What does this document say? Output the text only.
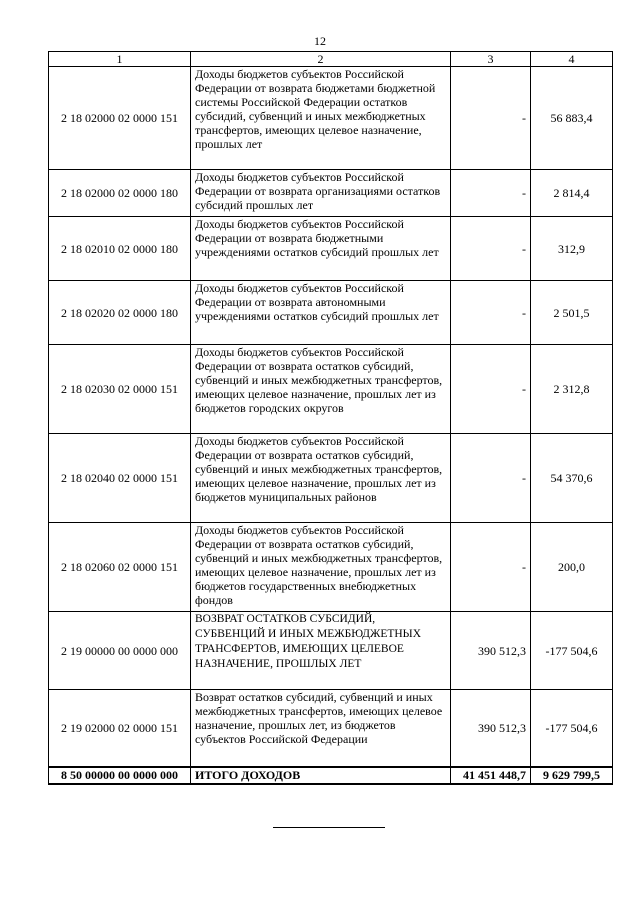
12
1	2	3	4
2 18 02000 02 0000 151	Доходы бюджетов субъектов Российской Федерации от возврата бюджетами бюджетной системы Российской Федерации остатков субсидий, субвенций и иных межбюджетных трансфертов, имеющих целевое назначение, прошлых лет	-	56 883,4
2 18 02000 02 0000 180	Доходы бюджетов субъектов Российской Федерации от возврата организациями остатков субсидий прошлых лет	-	2 814,4
2 18 02010 02 0000 180	Доходы бюджетов субъектов Российской Федерации от возврата бюджетными учреждениями остатков субсидий прошлых лет	-	312,9
2 18 02020 02 0000 180	Доходы бюджетов субъектов Российской Федерации от возврата автономными учреждениями остатков субсидий прошлых лет	-	2 501,5
2 18 02030 02 0000 151	Доходы бюджетов субъектов Российской Федерации от возврата остатков субсидий, субвенций и иных межбюджетных трансфертов, имеющих целевое назначение, прошлых лет из бюджетов городских округов	-	2 312,8
2 18 02040 02 0000 151	Доходы бюджетов субъектов Российской Федерации от возврата остатков субсидий, субвенций и иных межбюджетных трансфертов, имеющих целевое назначение, прошлых лет из бюджетов муниципальных районов	-	54 370,6
2 18 02060 02 0000 151	Доходы бюджетов субъектов Российской Федерации от возврата остатков субсидий, субвенций и иных межбюджетных трансфертов, имеющих целевое назначение, прошлых лет из бюджетов государственных внебюджетных фондов	-	200,0
2 19 00000 00 0000 000	ВОЗВРАТ ОСТАТКОВ СУБСИДИЙ, СУБВЕНЦИЙ И ИНЫХ МЕЖБЮДЖЕТНЫХ ТРАНСФЕРТОВ, ИМЕЮЩИХ ЦЕЛЕВОЕ НАЗНАЧЕНИЕ, ПРОШЛЫХ ЛЕТ	390 512,3	-177 504,6
2 19 02000 02 0000 151	Возврат остатков субсидий, субвенций и иных межбюджетных трансфертов, имеющих целевое назначение, прошлых лет, из бюджетов субъектов Российской Федерации	390 512,3	-177 504,6
8 50 00000 00 0000 000	ИТОГО ДОХОДОВ	41 451 448,7	9 629 799,5
